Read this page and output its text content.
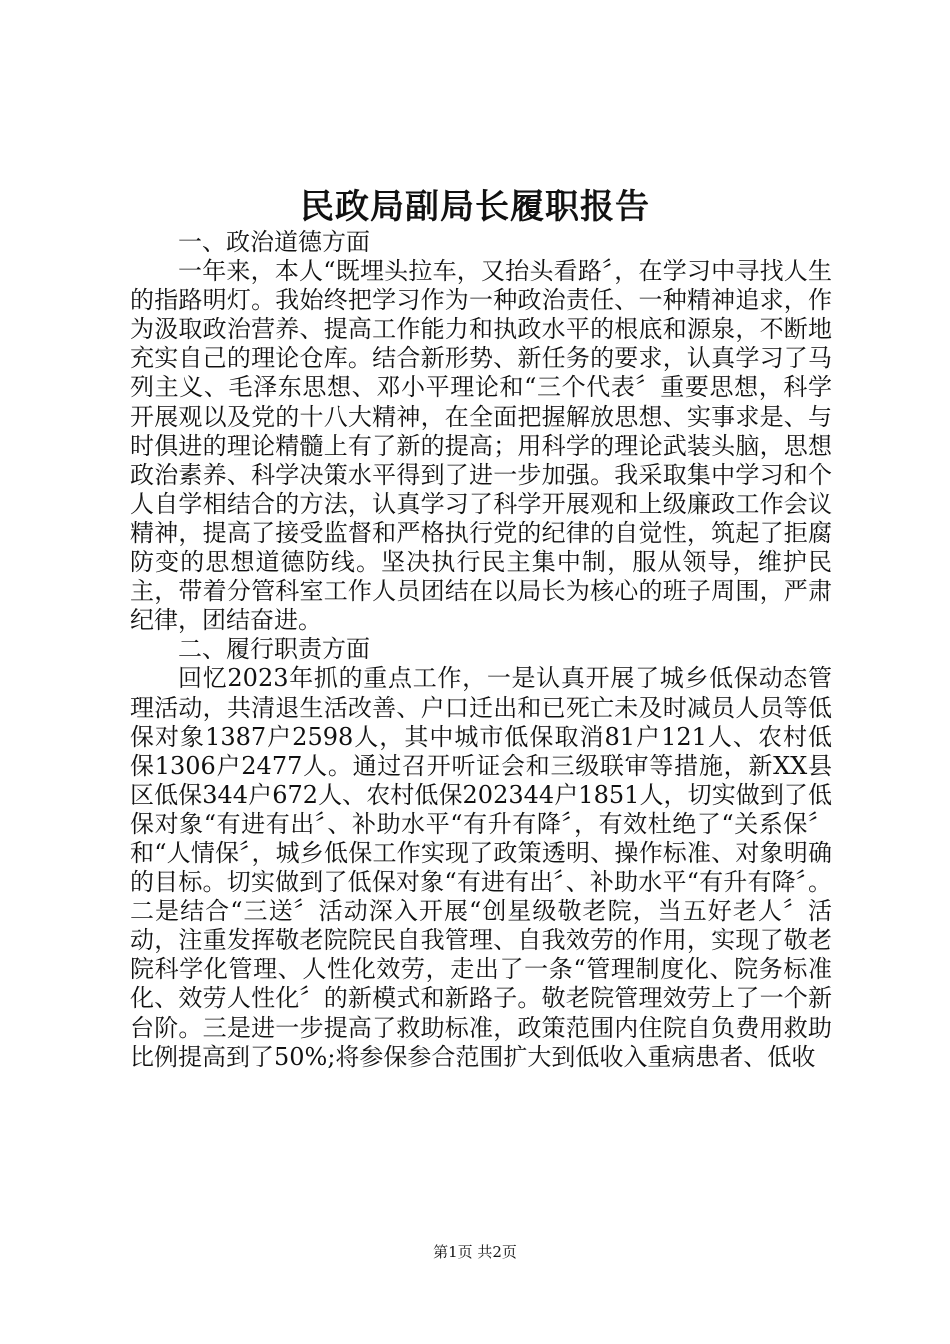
民政局副局长履职报告

一、政治道德方面

一年来，本人“既埋头拉车，又抬头看路〞，在学习中寻找人生的指路明灯。我始终把学习作为一种政治责任、一种精神追求，作为汲取政治营养、提高工作能力和执政水平的根底和源泉，不断地充实自己的理论仓库。结合新形势、新任务的要求，认真学习了马列主义、毛泽东思想、邓小平理论和“三个代表〞重要思想，科学开展观以及党的十八大精神，在全面把握解放思想、实事求是、与时俱进的理论精髓上有了新的提高；用科学的理论武装头脑，思想政治素养、科学决策水平得到了进一步加强。我采取集中学习和个人自学相结合的方法，认真学习了科学开展观和上级廉政工作会议精神，提高了接受监督和严格执行党的纪律的自觉性，筑起了拒腐防变的思想道德防线。坚决执行民主集中制，服从领导，维护民主，带着分管科室工作人员团结在以局长为核心的班子周围，严肃纪律，团结奋进。

二、履行职责方面

回忆2023年抓的重点工作，一是认真开展了城乡低保动态管理活动，共清退生活改善、户口迁出和已死亡未及时减员人员等低保对象1387户2598人，其中城市低保取消81户121人、农村低保1306户2477人。通过召开听证会和三级联审等措施，新XX县区低保344户672人、农村低保202344户1851人，切实做到了低保对象“有进有出〞、补助水平“有升有降〞，有效杜绝了“关系保〞和“人情保〞，城乡低保工作实现了政策透明、操作标准、对象明确的目标。切实做到了低保对象“有进有出〞、补助水平“有升有降〞。二是结合“三送〞活动深入开展“创星级敬老院，当五好老人〞活动，注重发挥敬老院院民自我管理、自我效劳的作用，实现了敬老院科学化管理、人性化效劳，走出了一条“管理制度化、院务标准化、效劳人性化〞的新模式和新路子。敬老院管理效劳上了一个新台阶。三是进一步提高了救助标准，政策范围内住院自负费用救助比例提高到了50%;将参保参合范围扩大到低收入重病患者、低收

第1页 共2页
